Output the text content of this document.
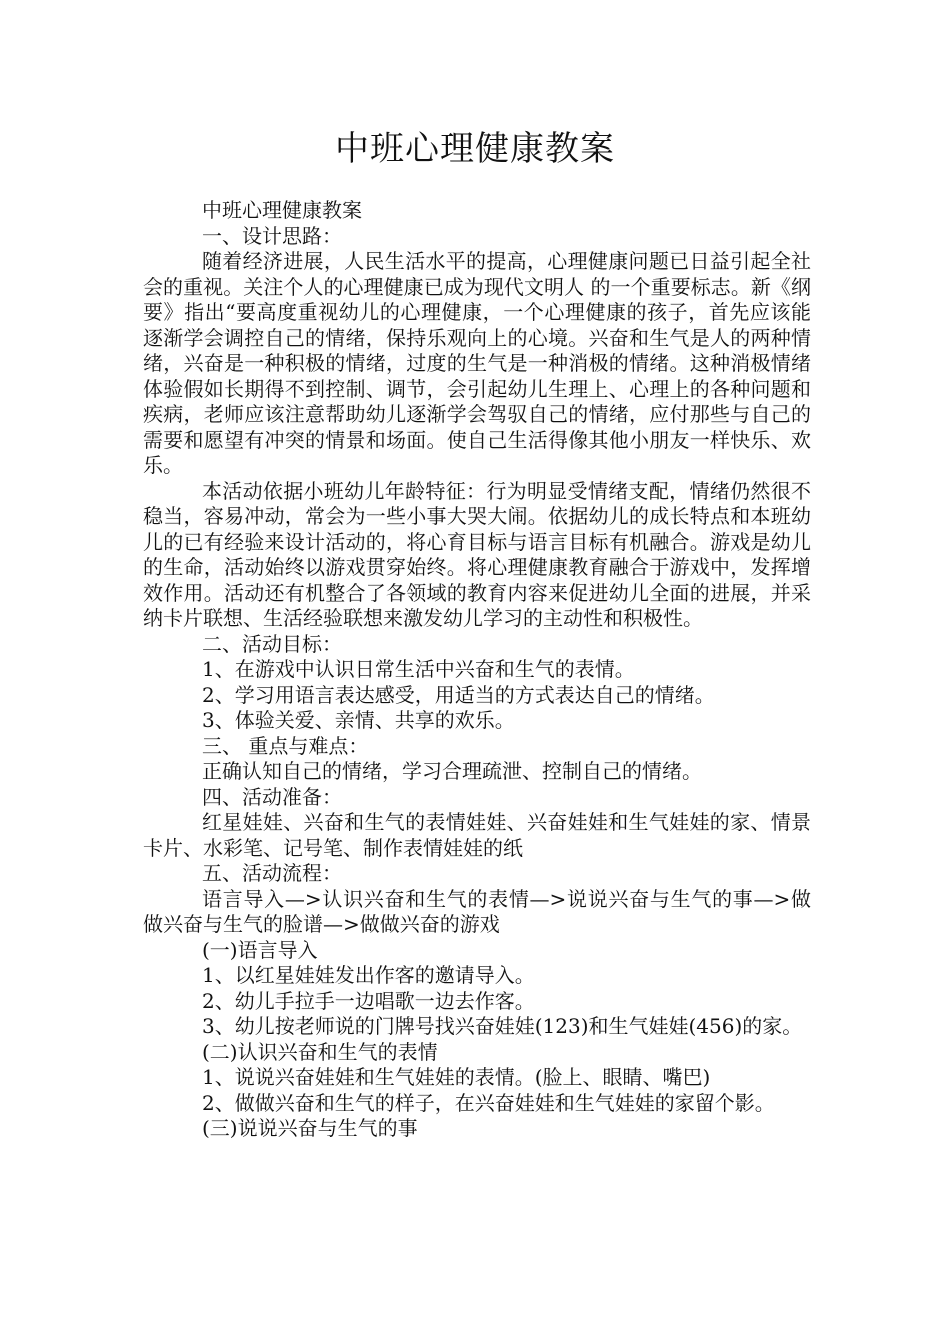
中班心理健康教案

中班心理健康教案

一、设计思路：

随着经济进展，人民生活水平的提高，心理健康问题已日益引起全社会的重视。关注个人的心理健康已成为现代文明人 的一个重要标志。新《纲要》指出“要高度重视幼儿的心理健康，一个心理健康的孩子，首先应该能逐渐学会调控自己的情绪，保持乐观向上的心境。兴奋和生气是人的两种情绪，兴奋是一种积极的情绪，过度的生气是一种消极的情绪。这种消极情绪体验假如长期得不到控制、调节，会引起幼儿生理上、心理上的各种问题和疾病，老师应该注意帮助幼儿逐渐学会驾驭自己的情绪，应付那些与自己的需要和愿望有冲突的情景和场面。使自己生活得像其他小朋友一样快乐、欢乐。

本活动依据小班幼儿年龄特征：行为明显受情绪支配，情绪仍然很不稳当，容易冲动，常会为一些小事大哭大闹。依据幼儿的成长特点和本班幼儿的已有经验来设计活动的，将心育目标与语言目标有机融合。游戏是幼儿的生命，活动始终以游戏贯穿始终。将心理健康教育融合于游戏中，发挥增效作用。活动还有机整合了各领域的教育内容来促进幼儿全面的进展，并采纳卡片联想、生活经验联想来激发幼儿学习的主动性和积极性。

二、活动目标：

1、在游戏中认识日常生活中兴奋和生气的表情。

2、学习用语言表达感受，用适当的方式表达自己的情绪。

3、体验关爱、亲情、共享的欢乐。

三、 重点与难点：

正确认知自己的情绪，学习合理疏泄、控制自己的情绪。

四、活动准备：

红星娃娃、兴奋和生气的表情娃娃、兴奋娃娃和生气娃娃的家、情景卡片、水彩笔、记号笔、制作表情娃娃的纸

五、活动流程：

语言导入—>认识兴奋和生气的表情—>说说兴奋与生气的事—>做做兴奋与生气的脸谱—>做做兴奋的游戏

(一)语言导入

1、以红星娃娃发出作客的邀请导入。

2、幼儿手拉手一边唱歌一边去作客。

3、幼儿按老师说的门牌号找兴奋娃娃(123)和生气娃娃(456)的家。

(二)认识兴奋和生气的表情

1、说说兴奋娃娃和生气娃娃的表情。(脸上、眼睛、嘴巴)

2、做做兴奋和生气的样子，在兴奋娃娃和生气娃娃的家留个影。

(三)说说兴奋与生气的事
